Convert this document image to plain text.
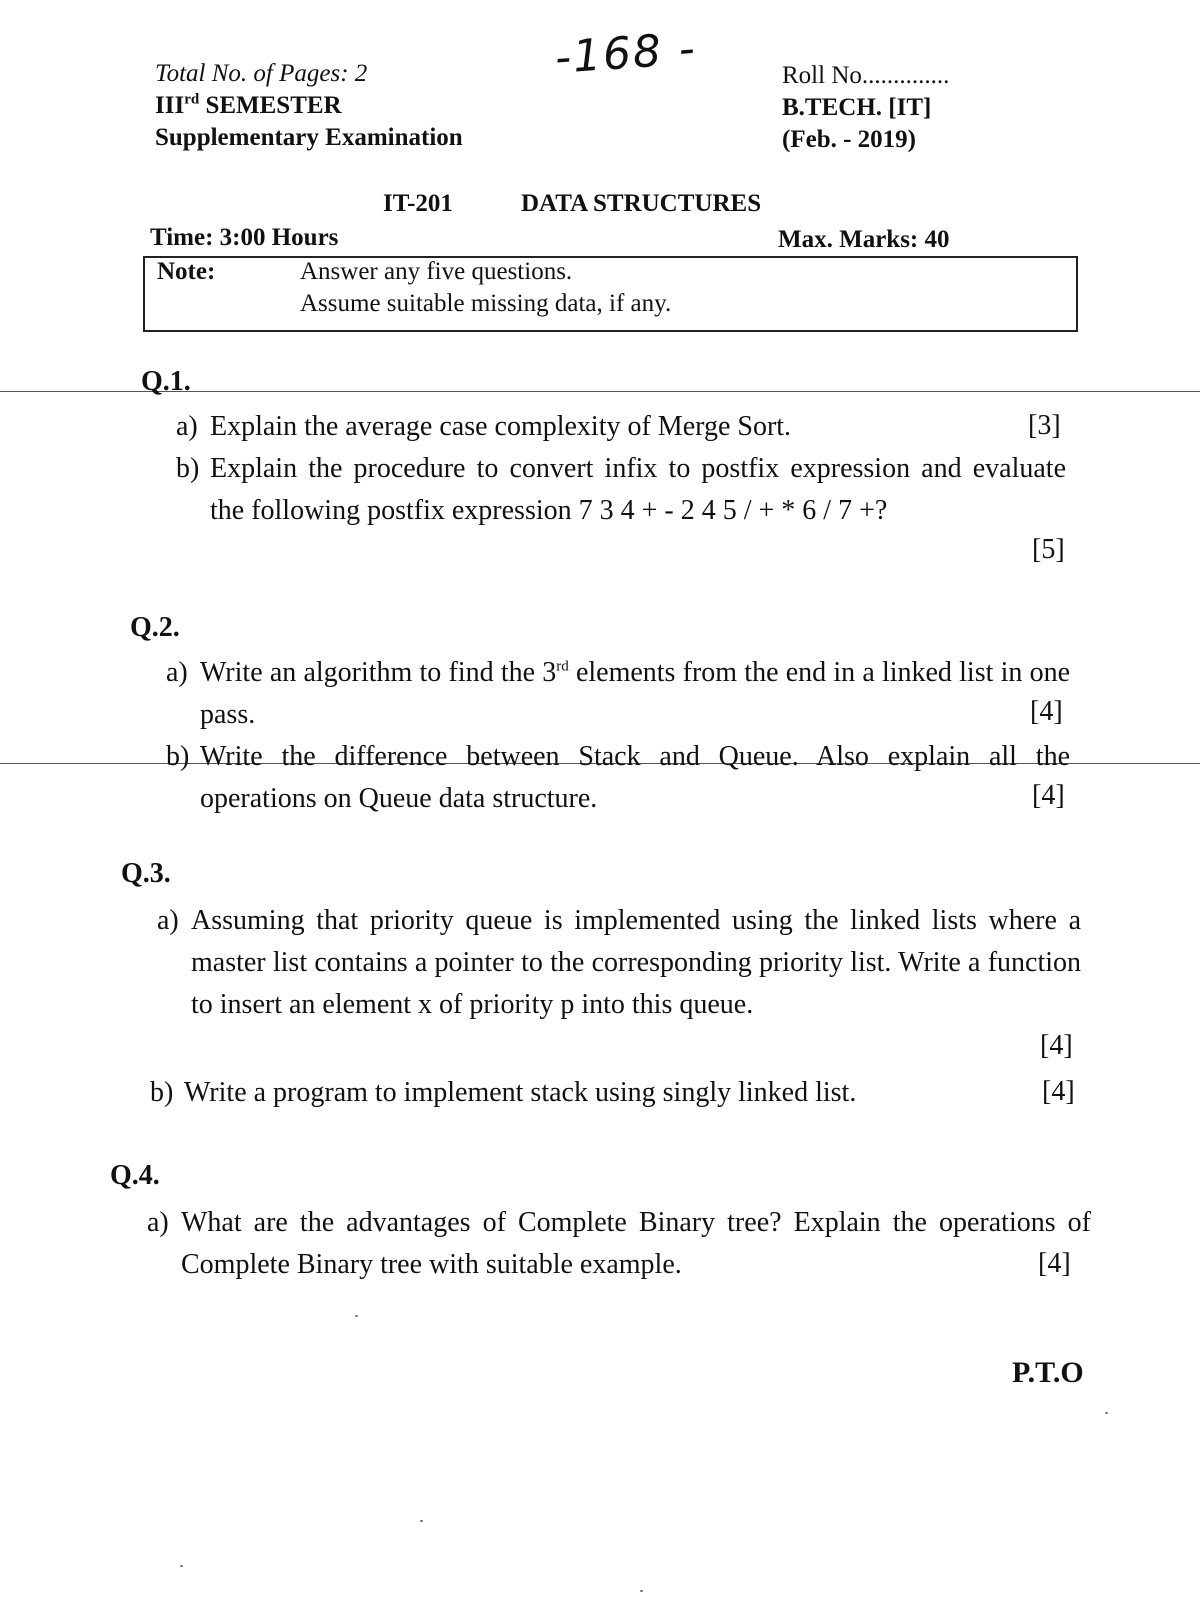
Total No. of Pages: 2
IIIrd SEMESTER
Supplementary Examination
-168 -	Roll No..............
B.TECH. [IT]
(Feb. - 2019)
IT-201	DATA STRUCTURES
Time: 3:00 Hours	Max. Marks: 40
Note:	Answer any five questions.
Assume suitable missing data, if any.
Q.1.
a) Explain the average case complexity of Merge Sort.	[3]
b) Explain the procedure to convert infix to postfix expression and evaluate the following postfix expression 7 3 4 + - 2 4 5 / + * 6 / 7 +?
[5]
Q.2.
a) Write an algorithm to find the 3rd elements from the end in a linked list in one pass.	[4]
b) Write the difference between Stack and Queue. Also explain all the operations on Queue data structure.	[4]
Q.3.
a) Assuming that priority queue is implemented using the linked lists where a master list contains a pointer to the corresponding priority list. Write a function to insert an element x of priority p into this queue.
[4]
b) Write a program to implement stack using singly linked list.	[4]
Q.4.
a) What are the advantages of Complete Binary tree? Explain the operations of Complete Binary tree with suitable example.	[4]
P.T.O
